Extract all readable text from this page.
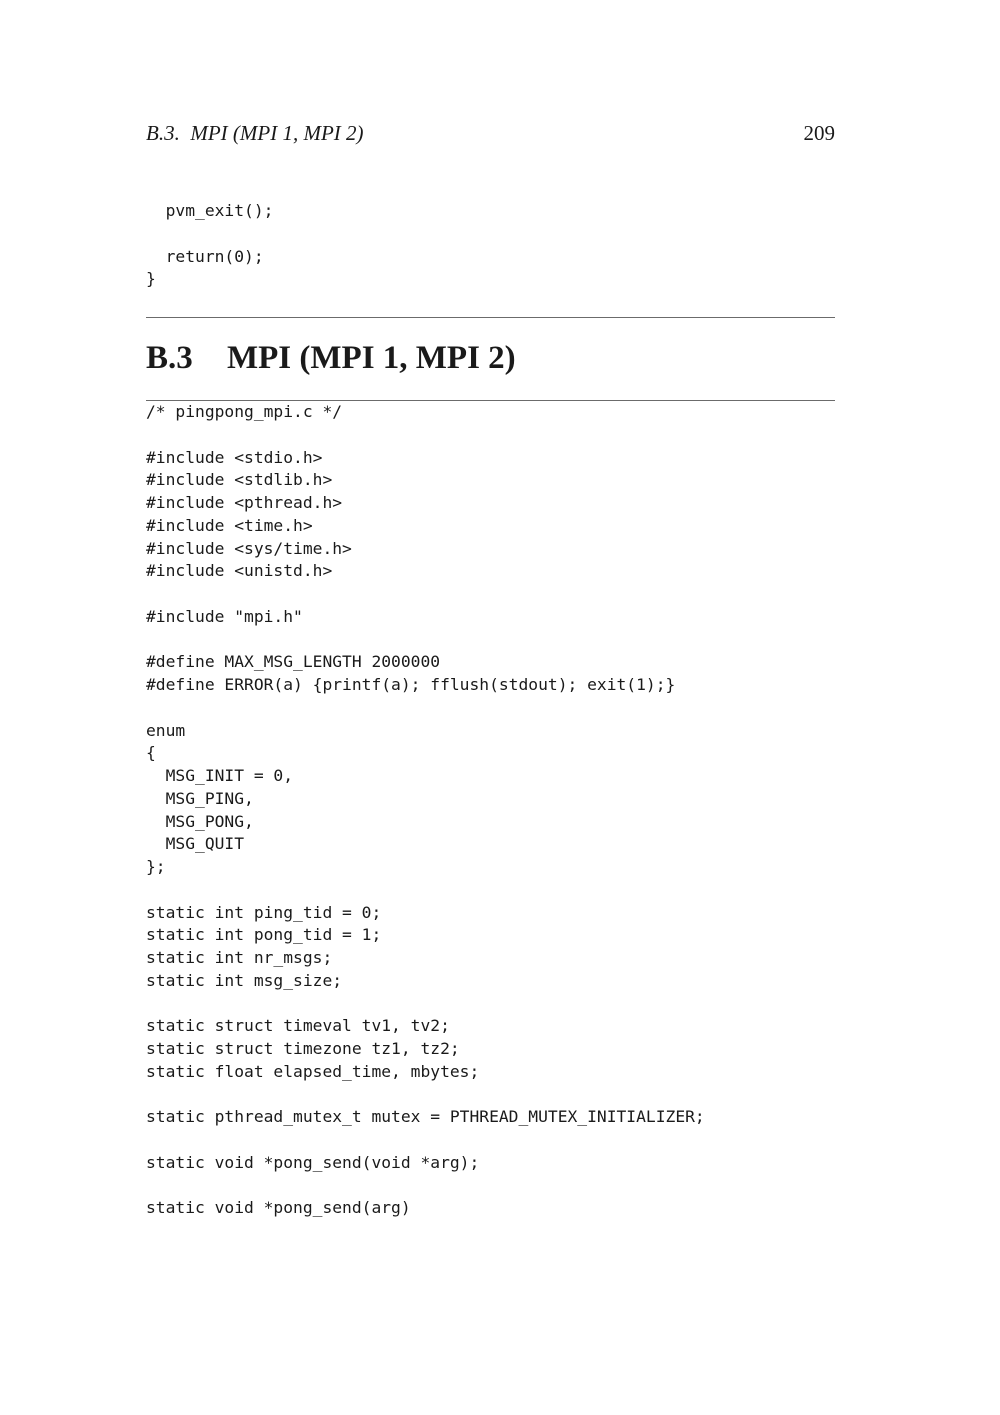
B.3. MPI (MPI 1, MPI 2)	209
pvm_exit();
return(0);
}
B.3 MPI (MPI 1, MPI 2)
/* pingpong_mpi.c */
#include <stdio.h>
#include <stdlib.h>
#include <pthread.h>
#include <time.h>
#include <sys/time.h>
#include <unistd.h>
#include "mpi.h"
#define MAX_MSG_LENGTH 2000000
#define ERROR(a) {printf(a); fflush(stdout); exit(1);}
enum
{
MSG_INIT = 0,
MSG_PING,
MSG_PONG,
MSG_QUIT
};
static int ping_tid = 0;
static int pong_tid = 1;
static int nr_msgs;
static int msg_size;
static struct timeval tv1, tv2;
static struct timezone tz1, tz2;
static float elapsed_time, mbytes;
static pthread_mutex_t mutex = PTHREAD_MUTEX_INITIALIZER;
static void *pong_send(void *arg);
static void *pong_send(arg)
